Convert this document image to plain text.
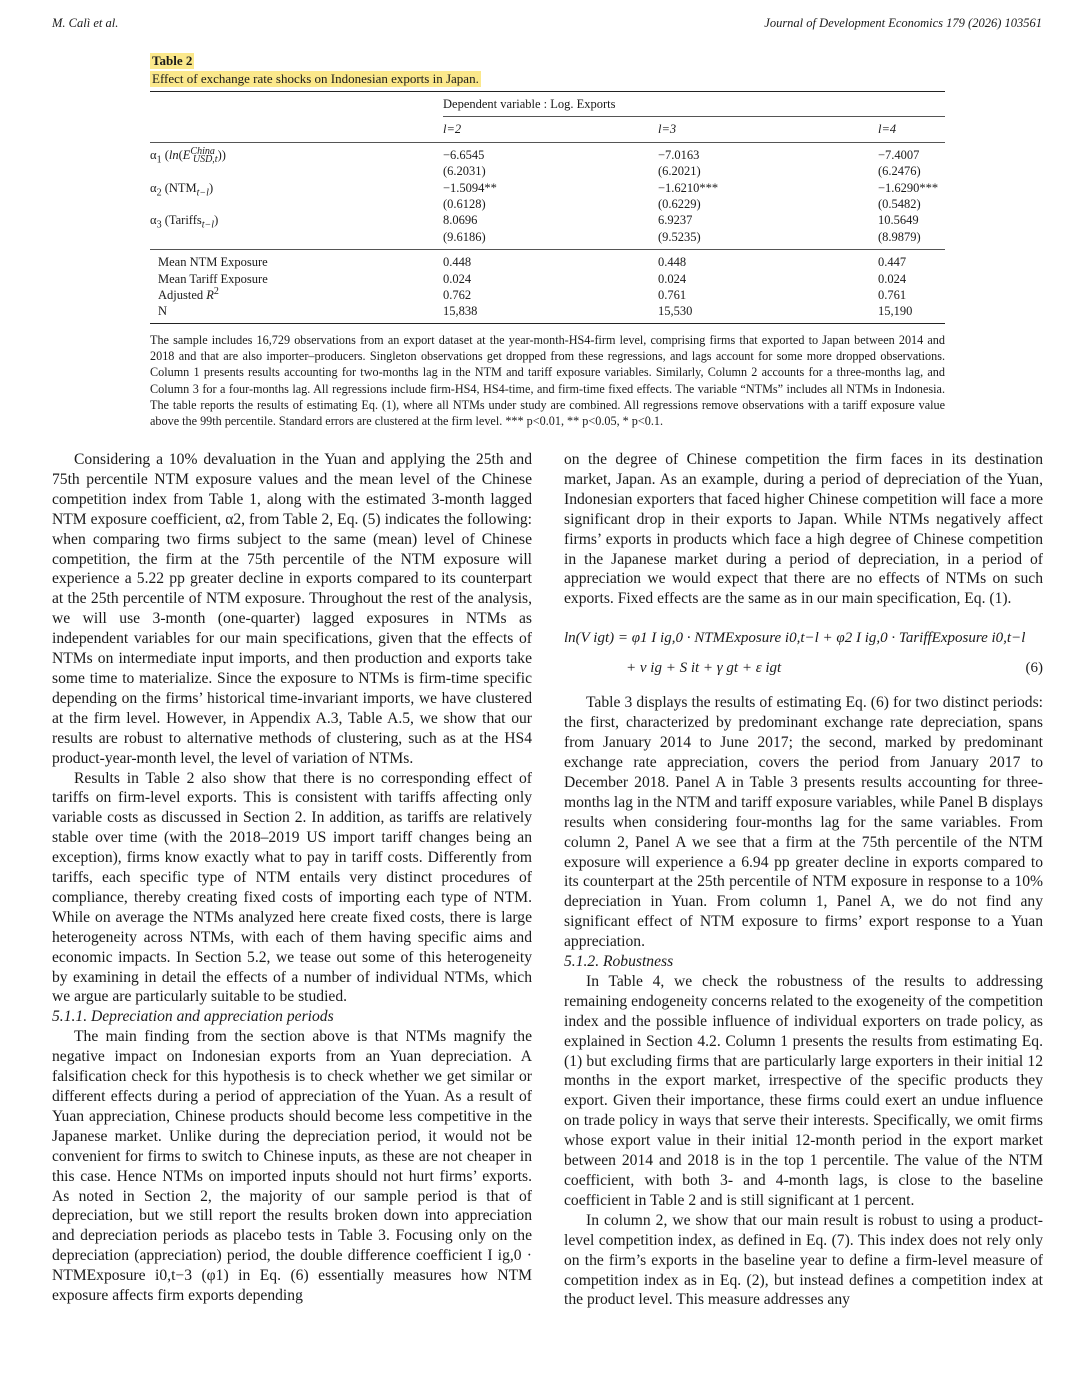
M. Calì et al.	Journal of Development Economics 179 (2026) 103561
Table 2
Effect of exchange rate shocks on Indonesian exports in Japan.
	Dependent variable : Log. Exports		
	l=2	l=3	l=4
$\alpha_1$ $(\ln(E^{China}_{USD,t}))$	−6.6545	−7.0163	−7.4007
	(6.2031)	(6.2021)	(6.2476)
$\alpha_2$ $(NTM_{t-l})$	−1.5094**	−1.6210***	−1.6290***
	(0.6128)	(0.6229)	(0.5482)
$\alpha_3$ (Tariffs$_{t-l}$)	8.0696	6.9237	10.5649
	(9.6186)	(9.5235)	(8.9879)
Mean NTM Exposure	0.448	0.448	0.447
Mean Tariff Exposure	0.024	0.024	0.024
Adjusted $R^2$	0.762	0.761	0.761
N	15,838	15,530	15,190
The sample includes 16,729 observations from an export dataset at the year-month-HS4-firm level, comprising firms that exported to Japan between 2014 and 2018 and that are also importer–producers. Singleton observations get dropped from these regressions, and lags account for some more dropped observations. Column 1 presents results accounting for two-months lag in the NTM and tariff exposure variables. Similarly, Column 2 accounts for a three-months lag, and Column 3 for a four-months lag. All regressions include firm-HS4, HS4-time, and firm-time fixed effects. The variable “NTMs” includes all NTMs in Indonesia. The table reports the results of estimating Eq. (1), where all NTMs under study are combined. All regressions remove observations with a tariff exposure value above the 99th percentile. Standard errors are clustered at the firm level. *** p<0.01, ** p<0.05, * p<0.1.

Considering a 10% devaluation in the Yuan and applying the 25th and 75th percentile NTM exposure values and the mean level of the Chinese competition index from Table 1, along with the estimated 3-month lagged NTM exposure coefficient, α2, from Table 2, Eq. (5) indicates the following: when comparing two firms subject to the same (mean) level of Chinese competition, the firm at the 75th percentile of the NTM exposure will experience a 5.22 pp greater decline in exports compared to its counterpart at the 25th percentile of NTM exposure. Throughout the rest of the analysis, we will use 3-month (one-quarter) lagged exposures in NTMs as independent variables for our main specifications, given that the effects of NTMs on intermediate input imports, and then production and exports take some time to materialize. Since the exposure to NTMs is firm-time specific depending on the firms’ historical time-invariant imports, we have clustered at the firm level. However, in Appendix A.3, Table A.5, we show that our results are robust to alternative methods of clustering, such as at the HS4 product-year-month level, the level of variation of NTMs.

Results in Table 2 also show that there is no corresponding effect of tariffs on firm-level exports. This is consistent with tariffs affecting only variable costs as discussed in Section 2. In addition, as tariffs are relatively stable over time (with the 2018–2019 US import tariff changes being an exception), firms know exactly what to pay in tariff costs. Differently from tariffs, each specific type of NTM entails very distinct procedures of compliance, thereby creating fixed costs of importing each type of NTM. While on average the NTMs analyzed here create fixed costs, there is large heterogeneity across NTMs, with each of them having specific aims and economic impacts. In Section 5.2, we tease out some of this heterogeneity by examining in detail the effects of a number of individual NTMs, which we argue are particularly suitable to be studied.

5.1.1. Depreciation and appreciation periods

The main finding from the section above is that NTMs magnify the negative impact on Indonesian exports from an Yuan depreciation. A falsification check for this hypothesis is to check whether we get similar or different effects during a period of appreciation of the Yuan. As a result of Yuan appreciation, Chinese products should become less competitive in the Japanese market. Unlike during the depreciation period, it would not be convenient for firms to switch to Chinese inputs, as these are not cheaper in this case. Hence NTMs on imported inputs should not hurt firms’ exports. As noted in Section 2, the majority of our sample period is that of depreciation, but we still report the results broken down into appreciation and depreciation periods as placebo tests in Table 3. Focusing only on the depreciation (appreciation) period, the double difference coefficient I ig,0 · NTMExposure i0,t−3 (φ1) in Eq. (6) essentially measures how NTM exposure affects firm exports depending

on the degree of Chinese competition the firm faces in its destination market, Japan. As an example, during a period of depreciation of the Yuan, Indonesian exporters that faced higher Chinese competition will face a more significant drop in their exports to Japan. While NTMs negatively affect firms’ exports in products which face a high degree of Chinese competition in the Japanese market during a period of depreciation, in a period of appreciation we would expect that there are no effects of NTMs on such exports. Fixed effects are the same as in our main specification, Eq. (1).

ln(V igt) = φ1 I ig,0 · NTMExposure i0,t−l + φ2 I ig,0 · TariffExposure i0,t−l
+ v ig + S it + γ gt + ε igt	(6)

Table 3 displays the results of estimating Eq. (6) for two distinct periods: the first, characterized by predominant exchange rate depreciation, spans from January 2014 to June 2017; the second, marked by predominant exchange rate appreciation, covers the period from January 2017 to December 2018. Panel A in Table 3 presents results accounting for three-months lag in the NTM and tariff exposure variables, while Panel B displays results when considering four-months lag for the same variables. From column 2, Panel A we see that a firm at the 75th percentile of the NTM exposure will experience a 6.94 pp greater decline in exports compared to its counterpart at the 25th percentile of NTM exposure in response to a 10% depreciation in Yuan. From column 1, Panel A, we do not find any significant effect of NTM exposure to firms’ export response to a Yuan appreciation.

5.1.2. Robustness

In Table 4, we check the robustness of the results to addressing remaining endogeneity concerns related to the exogeneity of the competition index and the possible influence of individual exporters on trade policy, as explained in Section 4.2. Column 1 presents the results from estimating Eq. (1) but excluding firms that are particularly large exporters in their initial 12 months in the export market, irrespective of the specific products they export. Given their importance, these firms could exert an undue influence on trade policy in ways that serve their interests. Specifically, we omit firms whose export value in their initial 12-month period in the export market between 2014 and 2018 is in the top 1 percentile. The value of the NTM coefficient, with both 3- and 4-month lags, is close to the baseline coefficient in Table 2 and is still significant at 1 percent.

In column 2, we show that our main result is robust to using a product-level competition index, as defined in Eq. (7). This index does not rely only on the firm’s exports in the baseline year to define a firm-level measure of competition index as in Eq. (2), but instead defines a competition index at the product level. This measure addresses any
